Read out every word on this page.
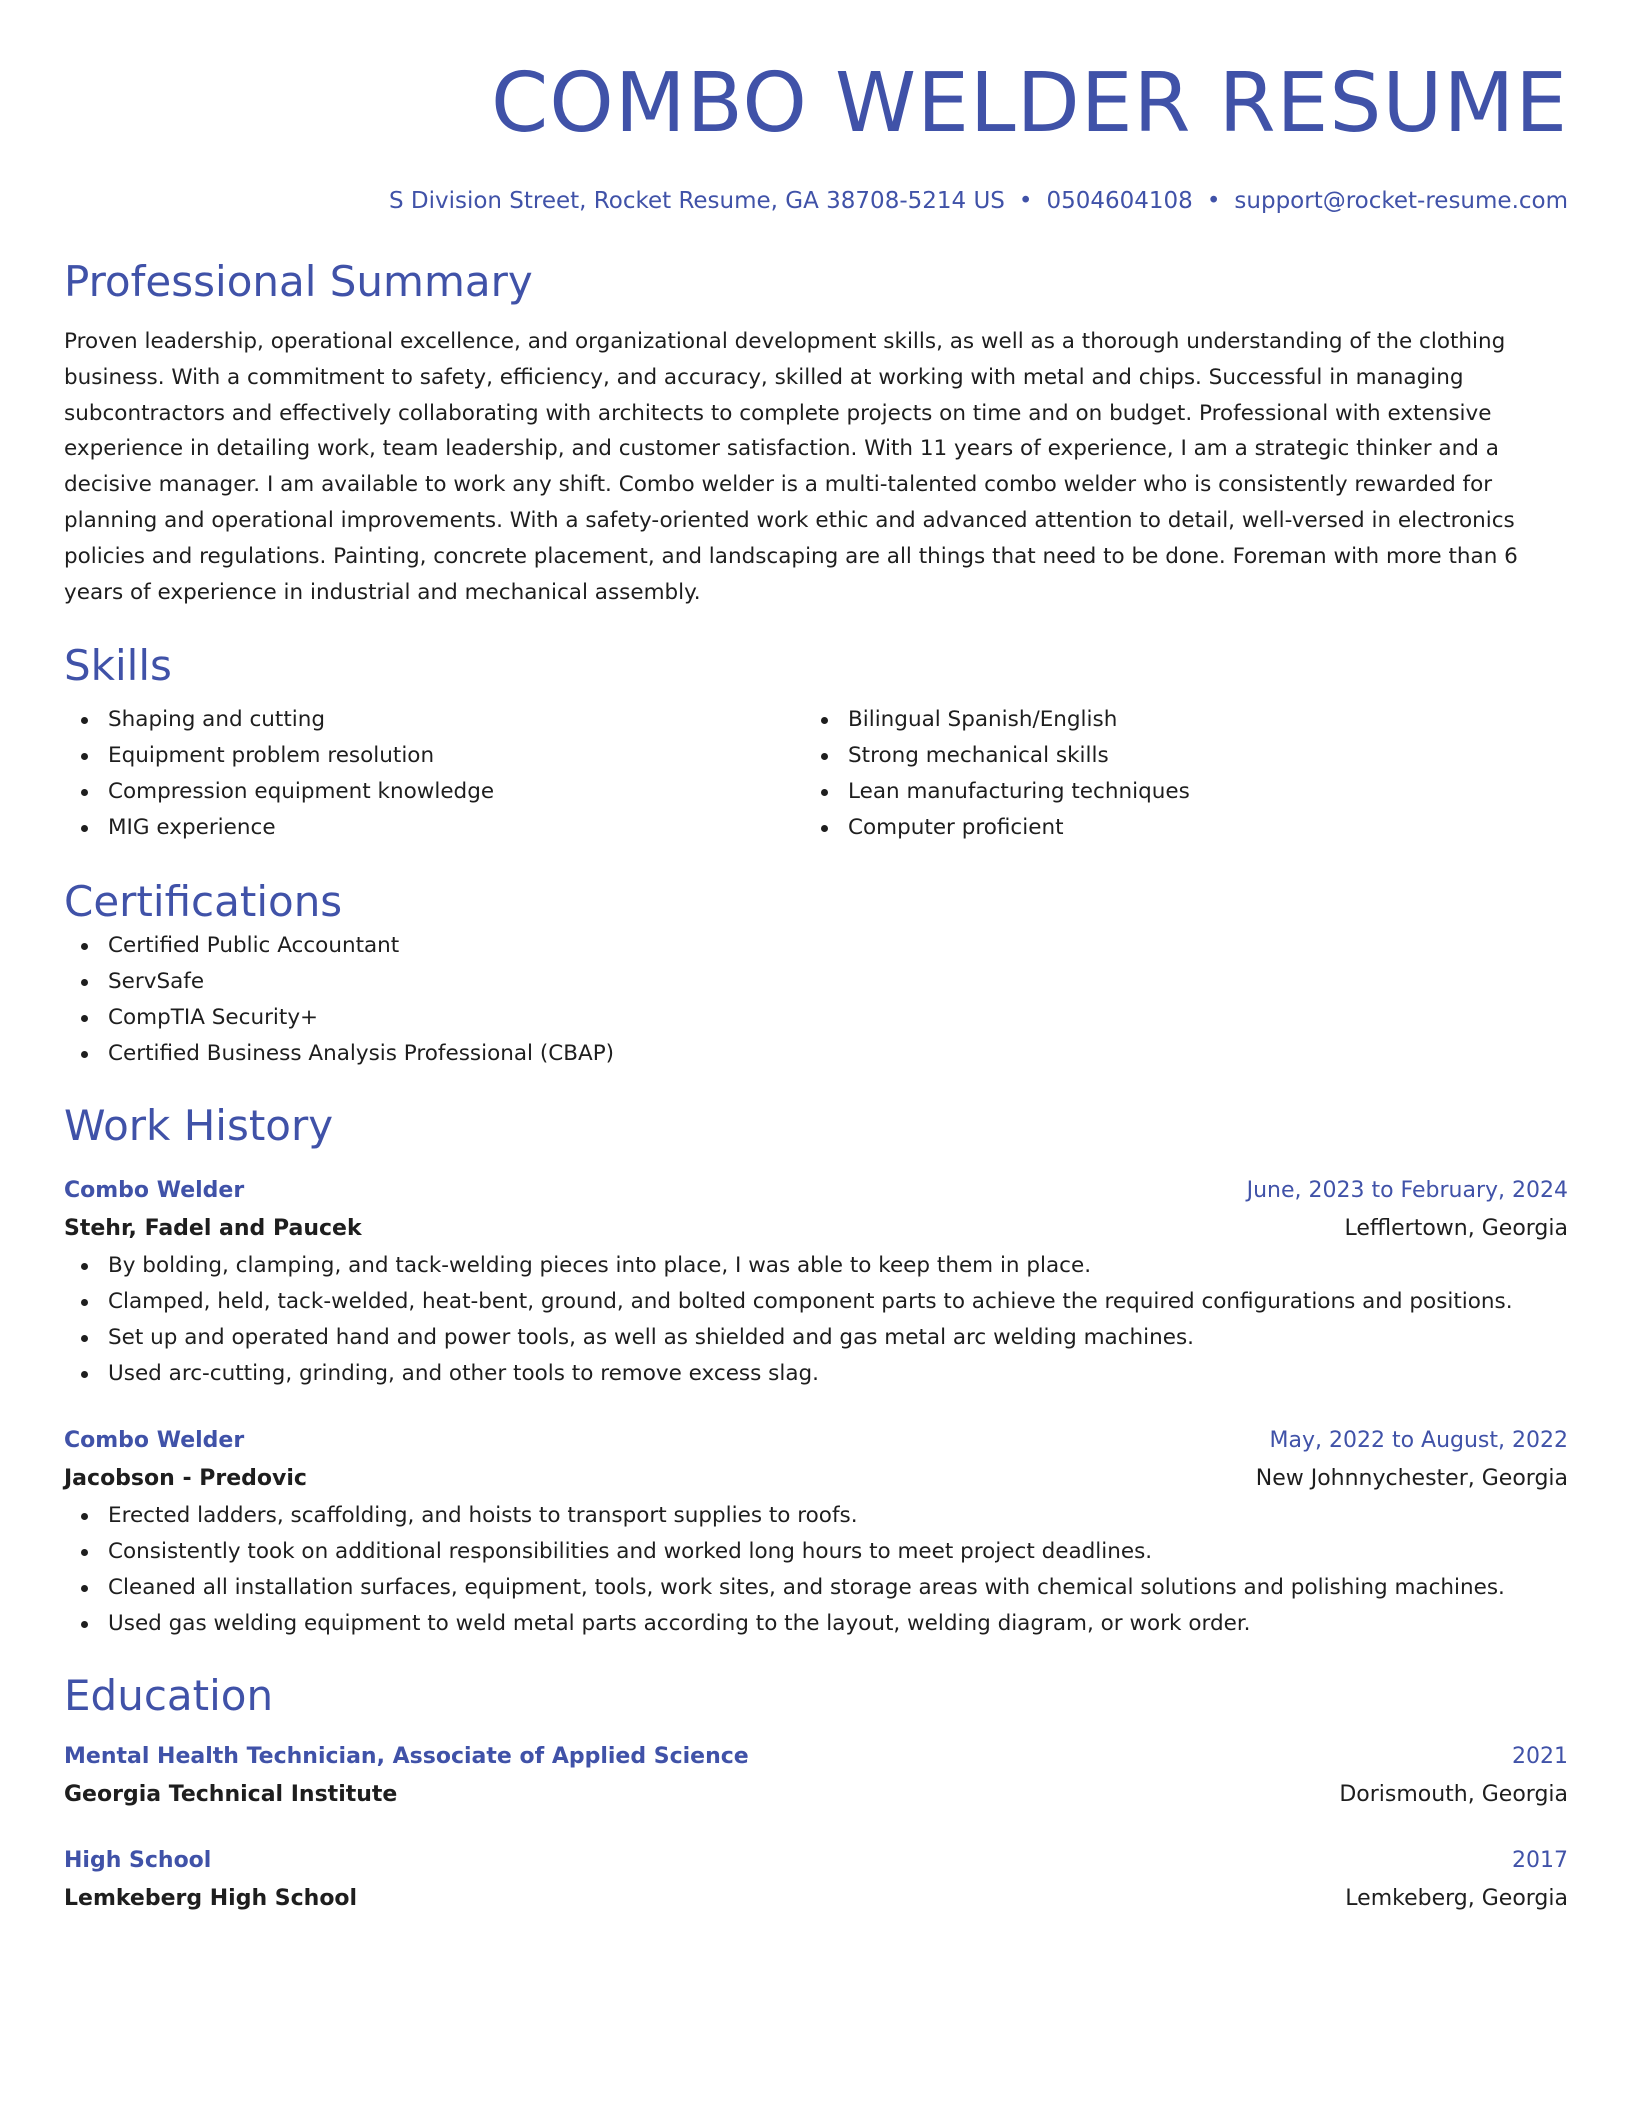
COMBO WELDER RESUME
S Division Street, Rocket Resume, GA 38708-5214 US • 0504604108 • support@rocket-resume.com
Professional Summary
Proven leadership, operational excellence, and organizational development skills, as well as a thorough understanding of the clothing business. With a commitment to safety, efficiency, and accuracy, skilled at working with metal and chips. Successful in managing subcontractors and effectively collaborating with architects to complete projects on time and on budget. Professional with extensive experience in detailing work, team leadership, and customer satisfaction. With 11 years of experience, I am a strategic thinker and a decisive manager. I am available to work any shift. Combo welder is a multi-talented combo welder who is consistently rewarded for planning and operational improvements. With a safety-oriented work ethic and advanced attention to detail, well-versed in electronics policies and regulations. Painting, concrete placement, and landscaping are all things that need to be done. Foreman with more than 6 years of experience in industrial and mechanical assembly.
Skills
Shaping and cutting
Equipment problem resolution
Compression equipment knowledge
MIG experience
Bilingual Spanish/English
Strong mechanical skills
Lean manufacturing techniques
Computer proficient
Certifications
Certified Public Accountant
ServSafe
CompTIA Security+
Certified Business Analysis Professional (CBAP)
Work History
Combo Welder	June, 2023 to February, 2024
Stehr, Fadel and Paucek	Lefflertown, Georgia
By bolding, clamping, and tack-welding pieces into place, I was able to keep them in place.
Clamped, held, tack-welded, heat-bent, ground, and bolted component parts to achieve the required configurations and positions.
Set up and operated hand and power tools, as well as shielded and gas metal arc welding machines.
Used arc-cutting, grinding, and other tools to remove excess slag.
Combo Welder	May, 2022 to August, 2022
Jacobson - Predovic	New Johnnychester, Georgia
Erected ladders, scaffolding, and hoists to transport supplies to roofs.
Consistently took on additional responsibilities and worked long hours to meet project deadlines.
Cleaned all installation surfaces, equipment, tools, work sites, and storage areas with chemical solutions and polishing machines.
Used gas welding equipment to weld metal parts according to the layout, welding diagram, or work order.
Education
Mental Health Technician, Associate of Applied Science	2021
Georgia Technical Institute	Dorismouth, Georgia
High School	2017
Lemkeberg High School	Lemkeberg, Georgia
